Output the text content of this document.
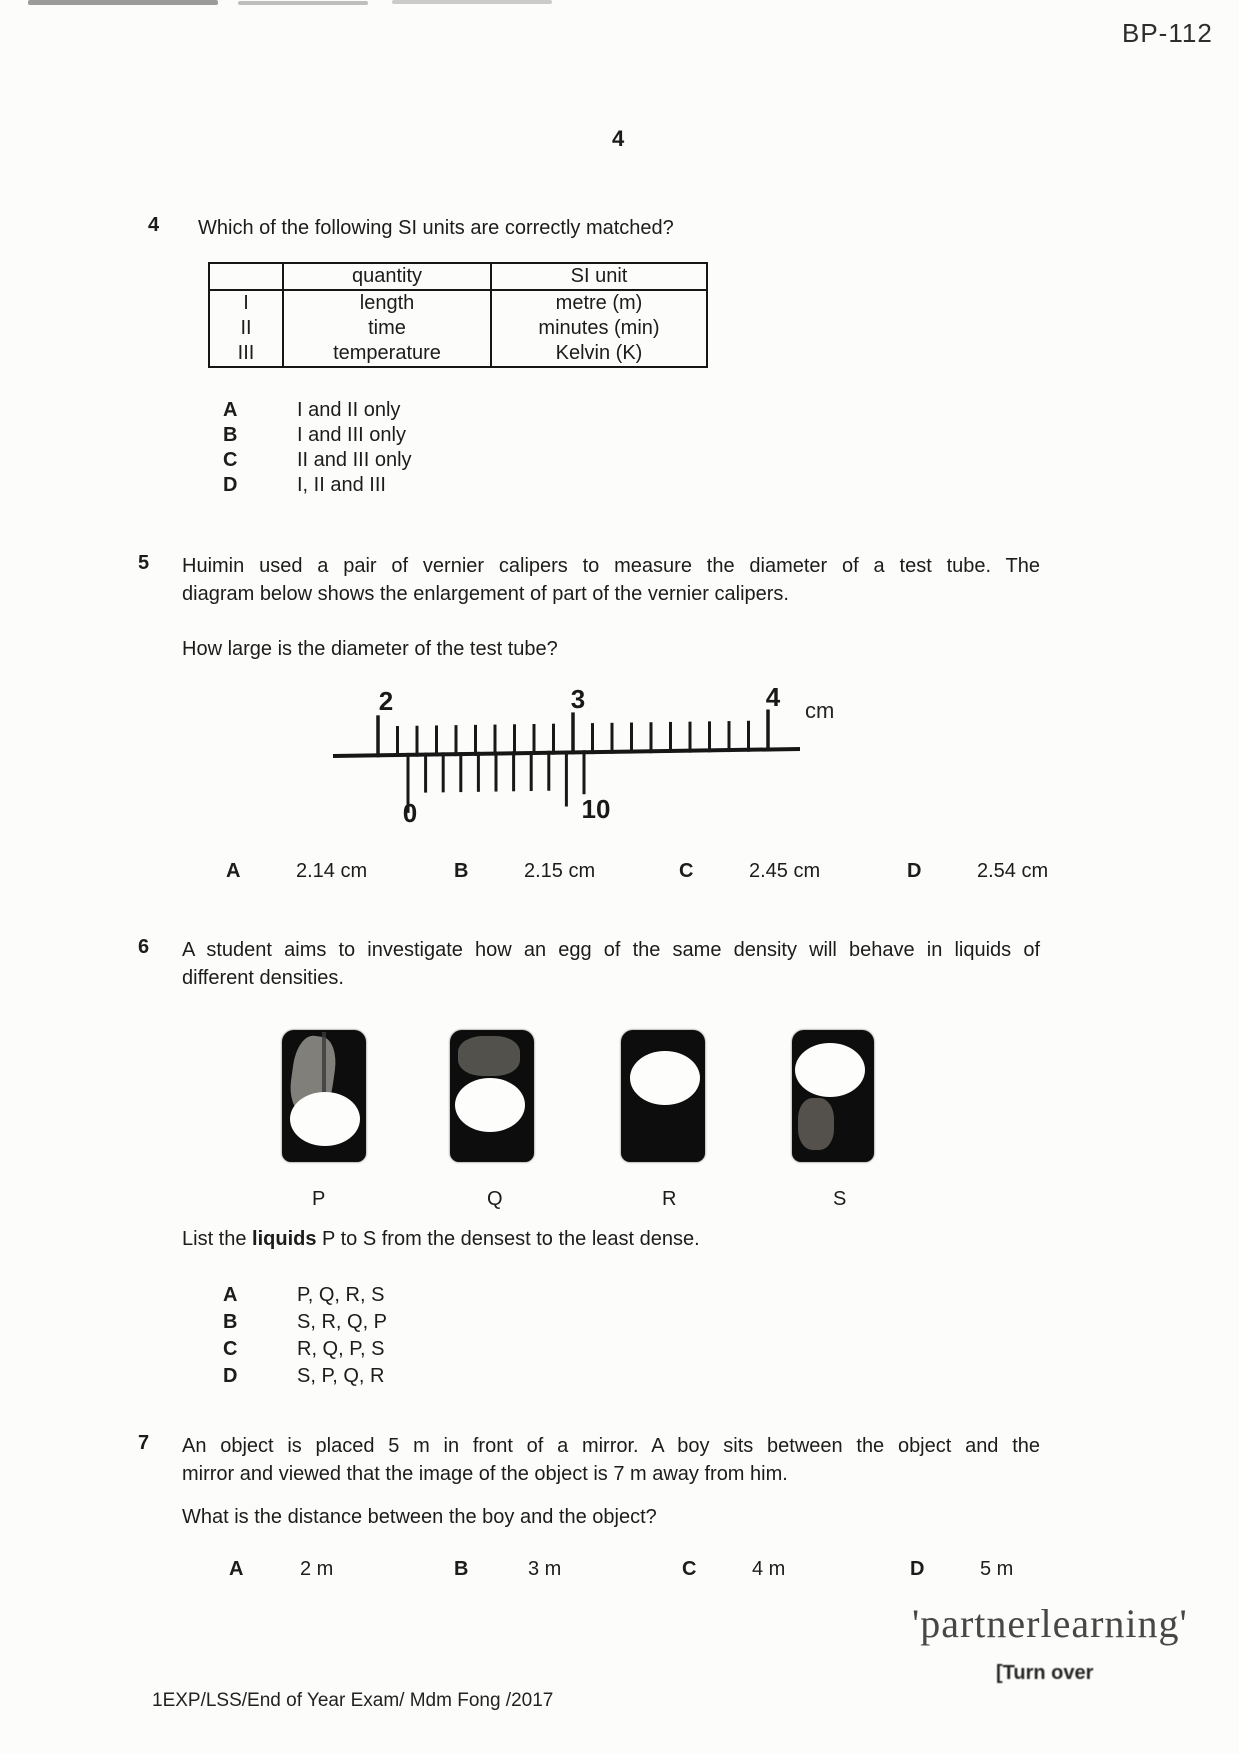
BP-112
4
4 Which of the following SI units are correctly matched?
	quantity	SI unit
I	length	metre (m)
II	time	minutes (min)
III	temperature	Kelvin (K)
A	I and II only
B	I and III only
C	II and III only
D	I, II and III
5 Huimin used a pair of vernier calipers to measure the diameter of a test tube. The
diagram below shows the enlargement of part of the vernier calipers.
How large is the diameter of the test tube?
2	3	4 cm
0	10
A	2.14 cm	B	2.15 cm	C	2.45 cm	D	2.54 cm
6 A student aims to investigate how an egg of the same density will behave in liquids of
different densities.
P	Q	R	S
List the liquids P to S from the densest to the least dense.
A	P, Q, R, S
B	S, R, Q, P
C	R, Q, P, S
D	S, P, Q, R
7 An object is placed 5 m in front of a mirror. A boy sits between the object and the
mirror and viewed that the image of the object is 7 m away from him.
What is the distance between the boy and the object?
A	2 m	B	3 m	C	4 m	D	5 m
'partnerlearning'
[Turn over
1EXP/LSS/End of Year Exam/ Mdm Fong /2017
